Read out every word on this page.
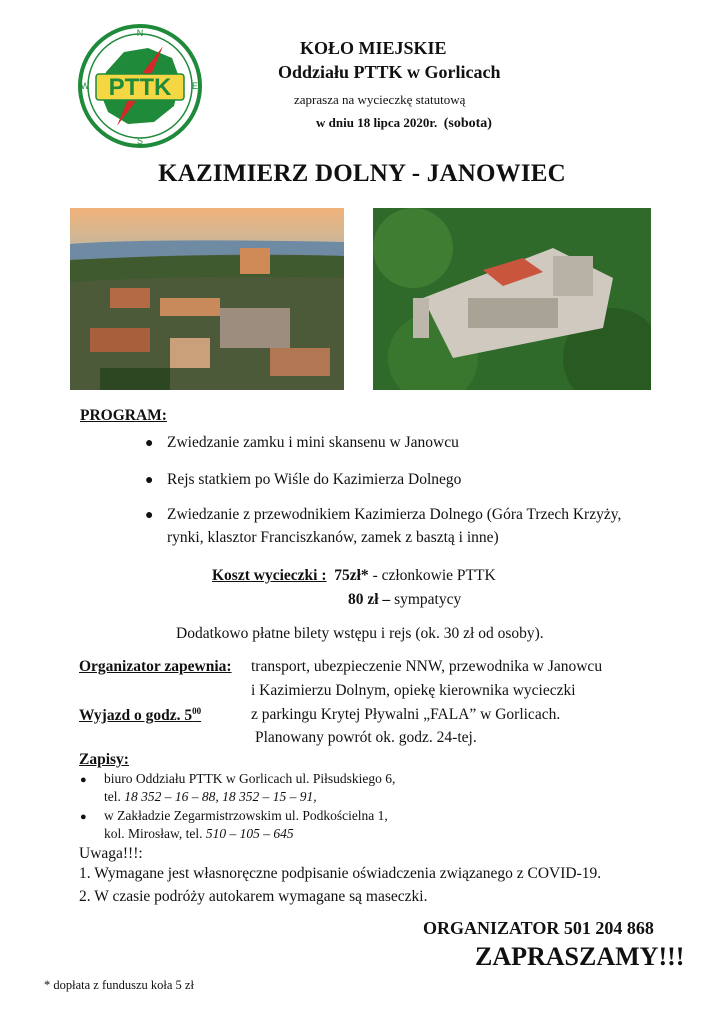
PTTK
N
S
E
W
KOŁO MIEJSKIE
Oddziału PTTK w Gorlicach
zaprasza na wycieczkę statutową
w dniu 18 lipca 2020r. (sobota)
KAZIMIERZ DOLNY - JANOWIEC
PROGRAM:
● Zwiedzanie zamku i mini skansenu w Janowcu
● Rejs statkiem po Wiśle do Kazimierza Dolnego
● Zwiedzanie z przewodnikiem Kazimierza Dolnego (Góra Trzech Krzyży,
rynki, klasztor Franciszkanów, zamek z basztą i inne)
Koszt wycieczki : 75zł* - członkowie PTTK
80 zł – sympatycy
Dodatkowo płatne bilety wstępu i rejs (ok. 30 zł od osoby).
Organizator zapewnia: transport, ubezpieczenie NNW, przewodnika w Janowcu
i Kazimierzu Dolnym, opiekę kierownika wycieczki
Wyjazd o godz. $5^{00}$	z parkingu Krytej Pływalni „FALA” w Gorlicach.
Planowany powrót ok. godz. 24-tej.
Zapisy:
● biuro Oddziału PTTK w Gorlicach ul. Piłsudskiego 6,
tel. 18 352 – 16 – 88, 18 352 – 15 – 91,
● w Zakładzie Zegarmistrzowskim ul. Podkościelna 1,
kol. Mirosław, tel. 510 – 105 – 645
Uwaga!!!:
1. Wymagane jest własnoręczne podpisanie oświadczenia związanego z COVID-19.
2. W czasie podróży autokarem wymagane są maseczki.
ORGANIZATOR 501 204 868
ZAPRASZAMY!!!
* dopłata z funduszu koła 5 zł
